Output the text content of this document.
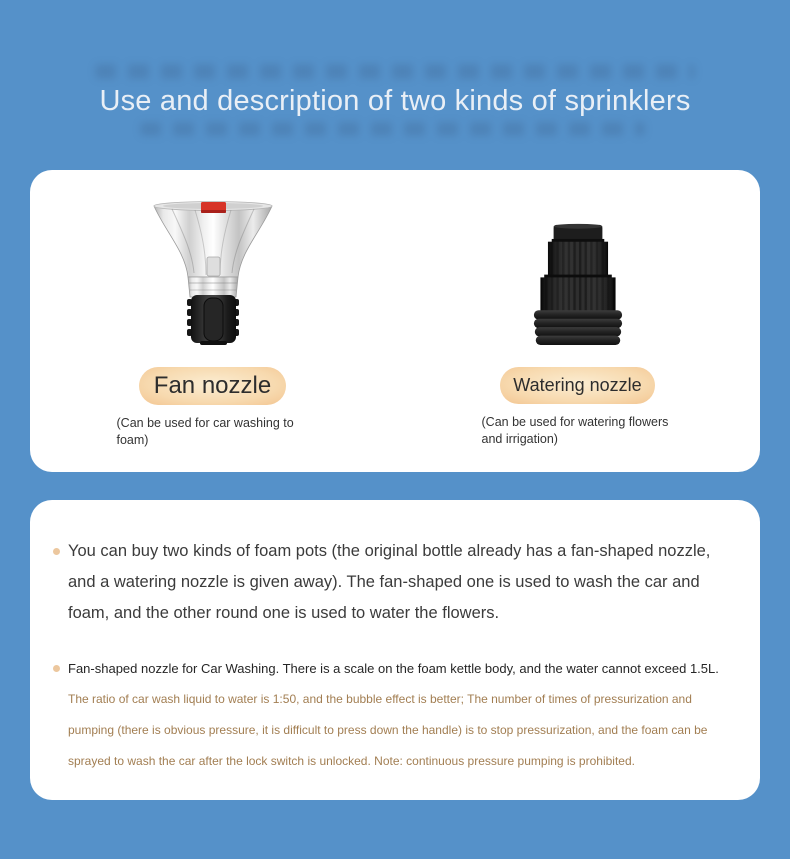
Use and description of two kinds of sprinklers
Fan nozzle
(Can be used for car washing to foam)
Watering nozzle
(Can be used for watering flowers and irrigation)
You can buy two kinds of foam pots (the original bottle already has a fan-shaped nozzle, and a watering nozzle is given away). The fan-shaped one is used to wash the car and foam, and the other round one is used to water the flowers.
Fan-shaped nozzle for Car Washing. There is a scale on the foam kettle body, and the water cannot exceed 1.5L.
The ratio of car wash liquid to water is 1:50, and the bubble effect is better; The number of times of pressurization and pumping (there is obvious pressure, it is difficult to press down the handle) is to stop pressurization, and the foam can be sprayed to wash the car after the lock switch is unlocked. Note: continuous pressure pumping is prohibited.
